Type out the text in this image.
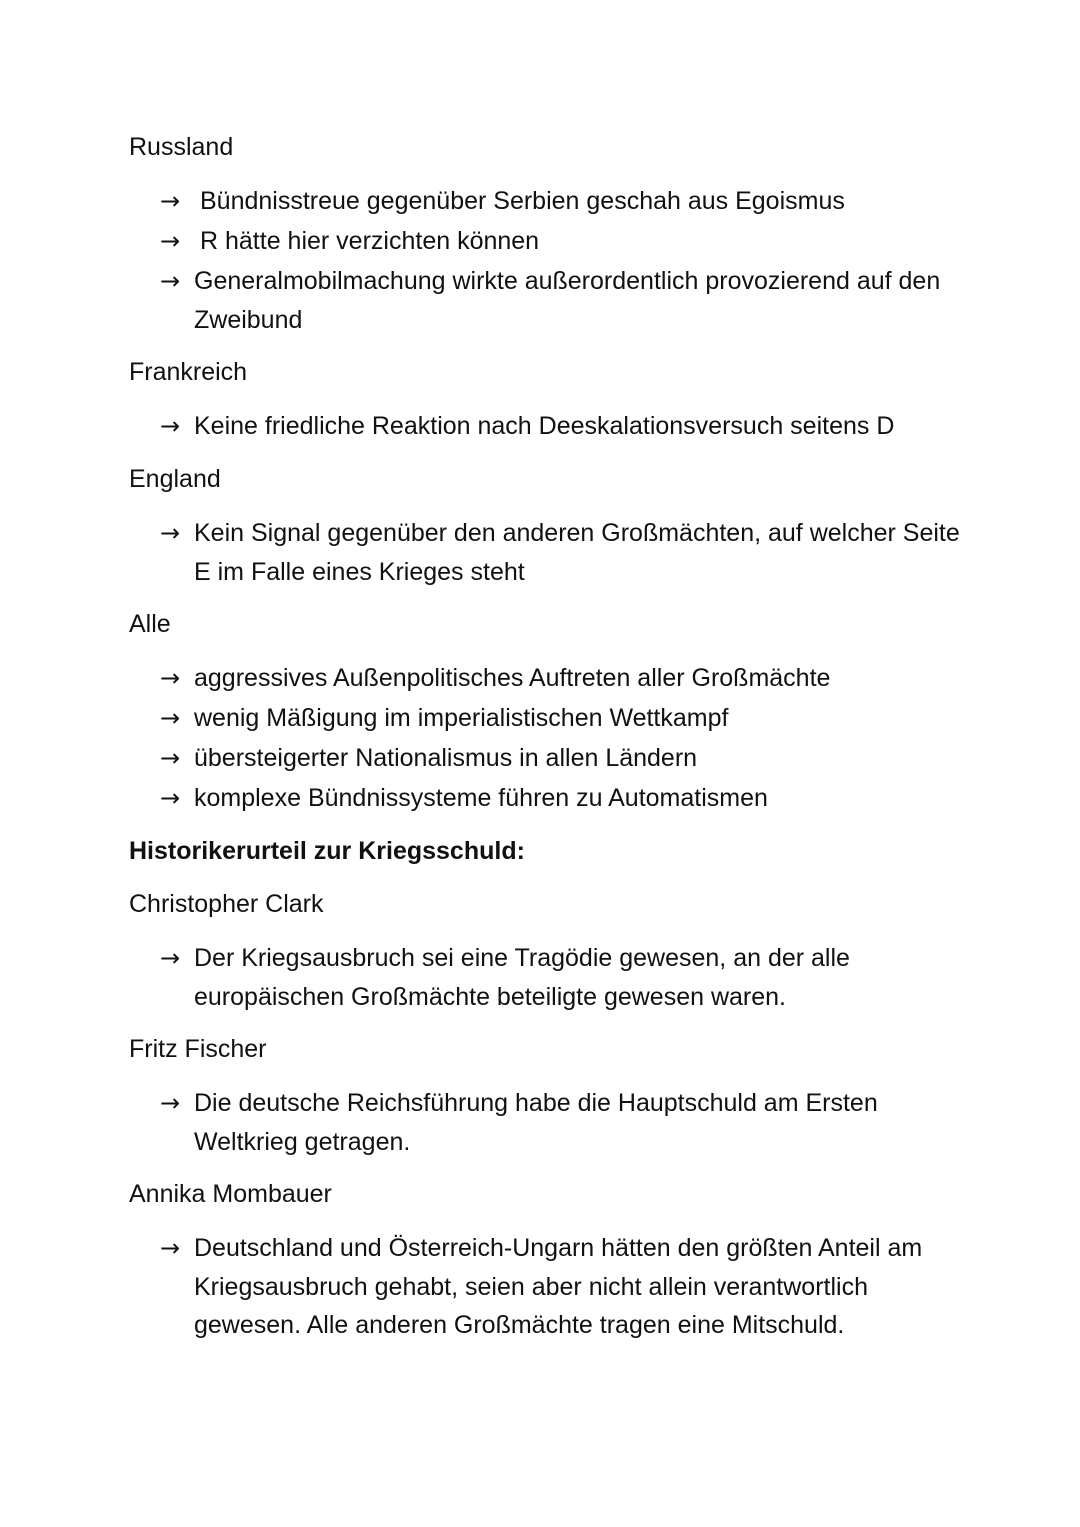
Russland
→ Bündnisstreue gegenüber Serbien geschah aus Egoismus
→ R hätte hier verzichten können
→ Generalmobilmachung wirkte außerordentlich provozierend auf den Zweibund
Frankreich
→ Keine friedliche Reaktion nach Deeskalationsversuch seitens D
England
→ Kein Signal gegenüber den anderen Großmächten, auf welcher Seite E im Falle eines Krieges steht
Alle
→ aggressives Außenpolitisches Auftreten aller Großmächte
→ wenig Mäßigung im imperialistischen Wettkampf
→ übersteigerter Nationalismus in allen Ländern
→ komplexe Bündnissysteme führen zu Automatismen
Historikerurteil zur Kriegsschuld:
Christopher Clark
→ Der Kriegsausbruch sei eine Tragödie gewesen, an der alle europäischen Großmächte beteiligte gewesen waren.
Fritz Fischer
→ Die deutsche Reichsführung habe die Hauptschuld am Ersten Weltkrieg getragen.
Annika Mombauer
→ Deutschland und Österreich-Ungarn hätten den größten Anteil am Kriegsausbruch gehabt, seien aber nicht allein verantwortlich gewesen. Alle anderen Großmächte tragen eine Mitschuld.
